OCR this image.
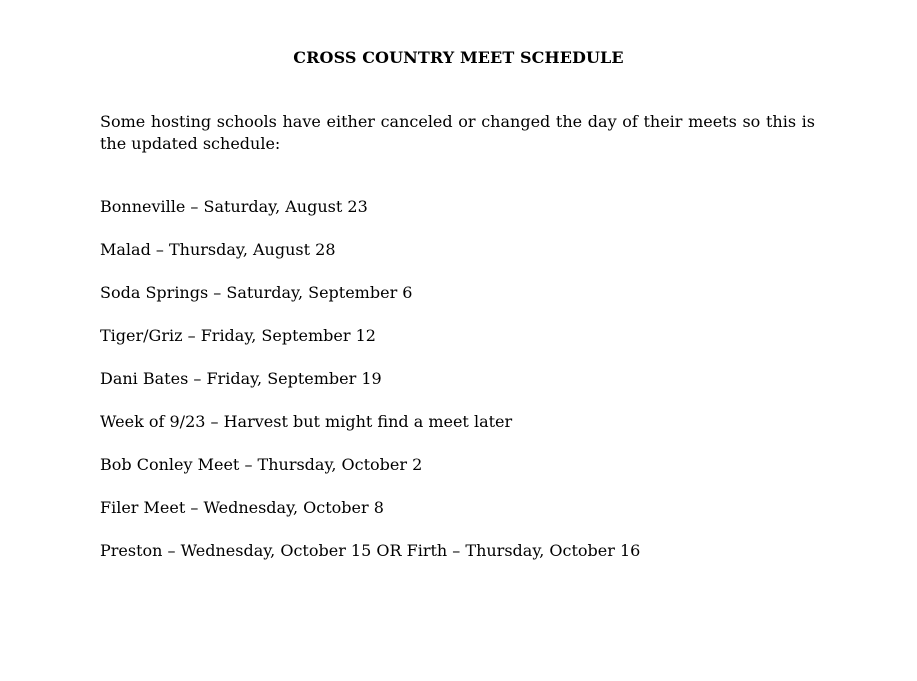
CROSS COUNTRY MEET SCHEDULE
Some hosting schools have either canceled or changed the day of their meets so this is the updated schedule:
Bonneville – Saturday, August 23
Malad – Thursday, August 28
Soda Springs – Saturday, September 6
Tiger/Griz – Friday, September 12
Dani Bates – Friday, September 19
Week of 9/23 – Harvest but might find a meet later
Bob Conley Meet – Thursday, October 2
Filer Meet – Wednesday, October 8
Preston – Wednesday, October 15 OR Firth – Thursday, October 16
